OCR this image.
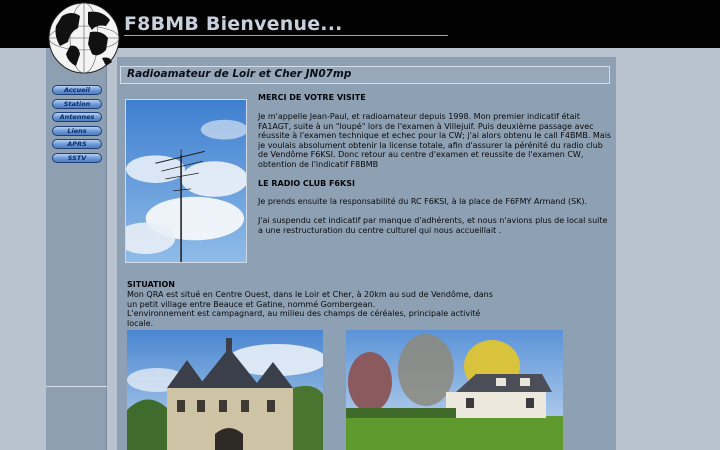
F8BMB Bienvenue...
Accueil
Station
Antennes
Liens
APRS
SSTV
Radioamateur de Loir et Cher JN07mp
MERCI DE VOTRE VISITE
Je m'appelle Jean-Paul, et radioamateur depuis 1998. Mon premier indicatif était FA1AGT, suite à un "loupé" lors de l'examen à Villejuif. Puis deuxième passage avec réussite à l'examen technique et echec pour la CW; j'ai alors obtenu le call F4BMB. Mais je voulais absolument obtenir la license totale, afin d'assurer la pérénité du radio club de Vendôme F6KSI. Donc retour au centre d'examen et reussite de l'examen CW, obtention de l'indicatif F8BMB
LE RADIO CLUB F6KSI
Je prends ensuite la responsabilité du RC F6KSI, à la place de F6FMY Armand (SK).
J'ai suspendu cet indicatif par manque d'adhérents, et nous n'avions plus de local suite a une restructuration du centre culturel qui nous accueillait .
SITUATION
Mon QRA est situé en Centre Ouest, dans le Loir et Cher, à 20km au sud de Vendôme, dans un petit village entre Beauce et Gatine, nommé Gombergean.
L'environnement est campagnard, au milieu des champs de céréales, principale activité locale.
